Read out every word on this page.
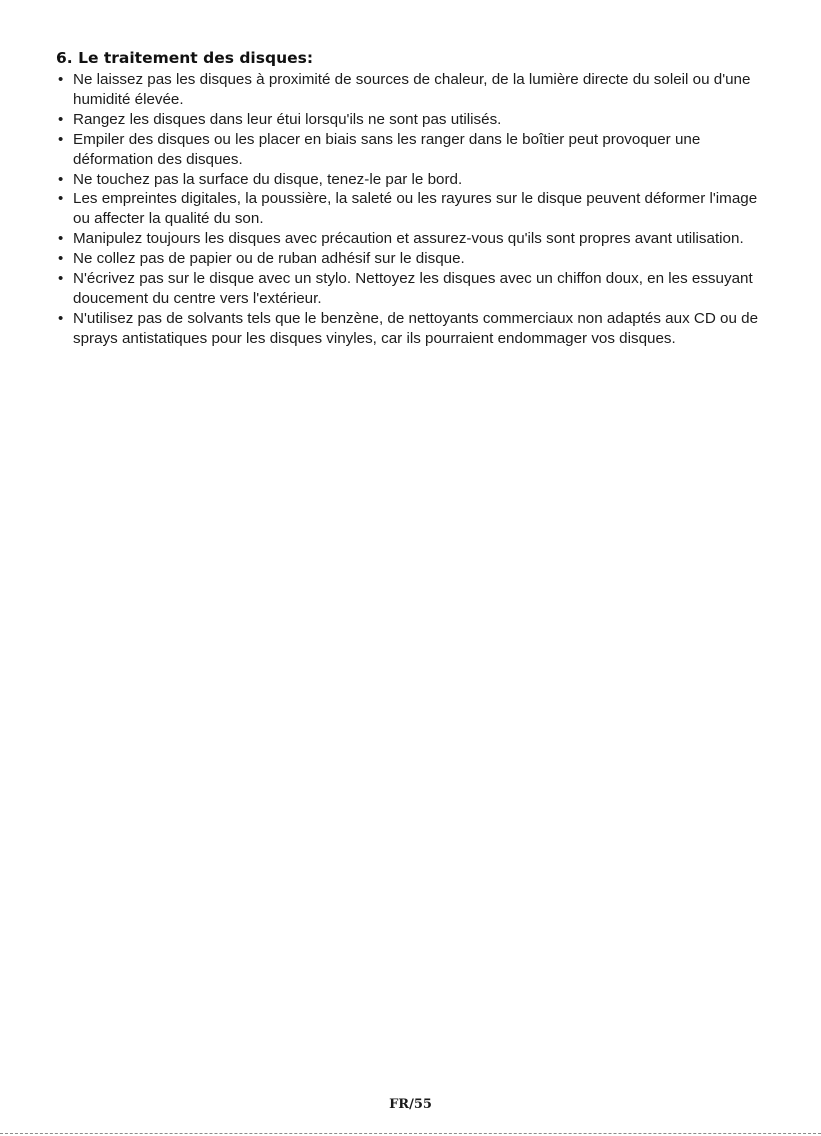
6. Le traitement des disques:
• Ne laissez pas les disques à proximité de sources de chaleur, de la lumière directe du soleil ou d'une humidité élevée.
• Rangez les disques dans leur étui lorsqu'ils ne sont pas utilisés.
• Empiler des disques ou les placer en biais sans les ranger dans le boîtier peut provoquer une déformation des disques.
• Ne touchez pas la surface du disque, tenez-le par le bord.
• Les empreintes digitales, la poussière, la saleté ou les rayures sur le disque peuvent déformer l'image ou affecter la qualité du son.
• Manipulez toujours les disques avec précaution et assurez-vous qu'ils sont propres avant utilisation.
• Ne collez pas de papier ou de ruban adhésif sur le disque.
• N'écrivez pas sur le disque avec un stylo. Nettoyez les disques avec un chiffon doux, en les essuyant doucement du centre vers l'extérieur.
• N'utilisez pas de solvants tels que le benzène, de nettoyants commerciaux non adaptés aux CD ou de sprays antistatiques pour les disques vinyles, car ils pourraient endommager vos disques.
FR/55
